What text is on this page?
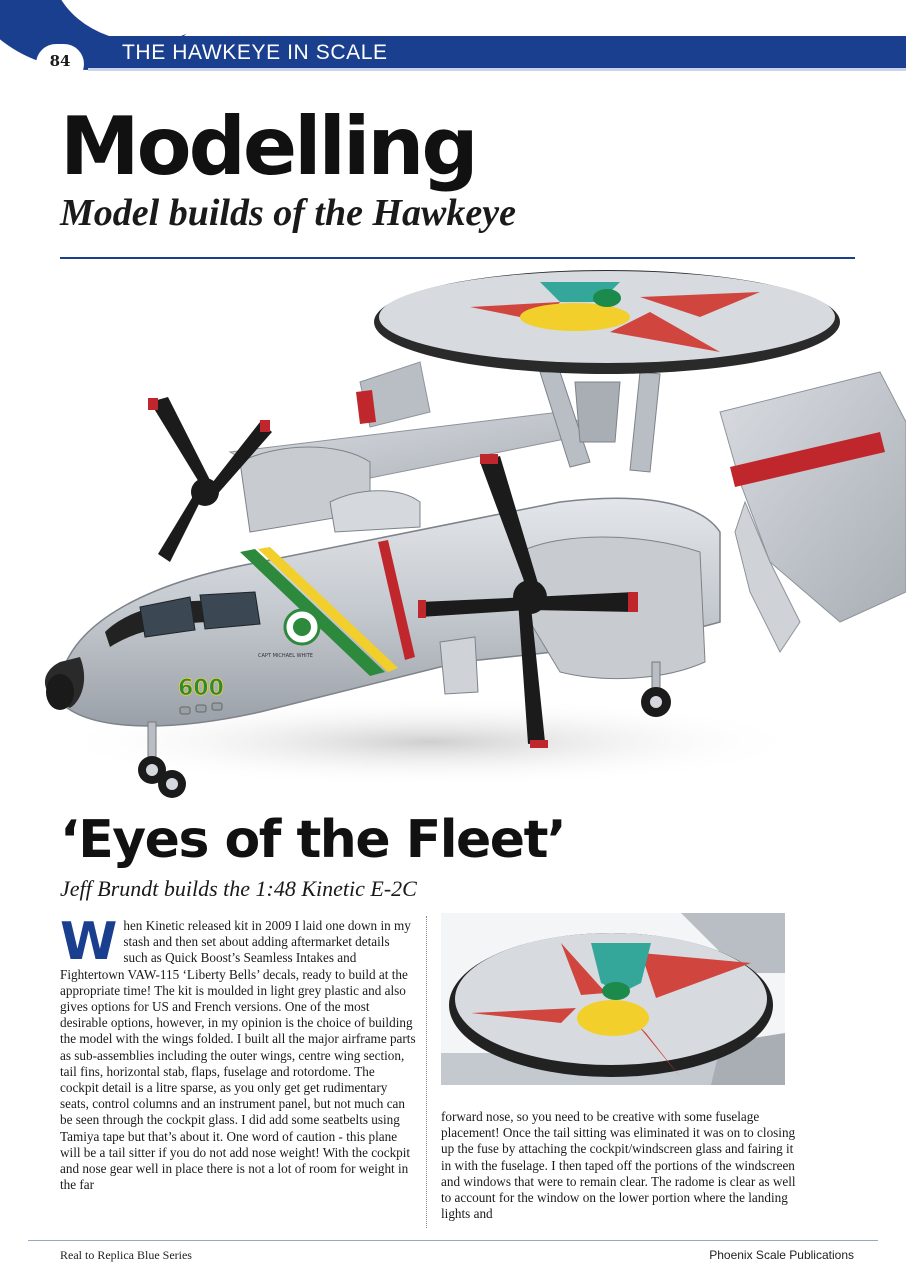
THE HAWKEYE IN SCALE
84
Modelling
Model builds of the Hawkeye
600
CAPT MICHAEL WHITE
‘Eyes of the Fleet’

Jeff Brundt builds the 1:48 Kinetic E-2C

W hen Kinetic released kit in 2009 I laid one down in my stash and then set about adding aftermarket details such as Quick Boost’s Seamless Intakes and Fightertown VAW-115 ‘Liberty Bells’ decals, ready to build at the appropriate time! The kit is moulded in light grey plastic and also gives options for US and French versions. One of the most desirable options, however, in my opinion is the choice of building the model with the wings folded. I built all the major airframe parts as sub-assemblies including the outer wings, centre wing section, tail fins, horizontal stab, flaps, fuselage and rotordome. The cockpit detail is a litre sparse, as you only get get rudimentary seats, control columns and an instrument panel, but not much can be seen through the cockpit glass. I did add some seatbelts using Tamiya tape but that’s about it. One word of caution - this plane will be a tail sitter if you do not add nose weight! With the cockpit and nose gear well in place there is not a lot of room for weight in the far

forward nose, so you need to be creative with some fuselage placement! Once the tail sitting was eliminated it was on to closing up the fuse by attaching the cockpit/windscreen glass and fairing it in with the fuselage. I then taped off the portions of the windscreen and windows that were to remain clear. The radome is clear as well to account for the window on the lower portion where the landing lights and

Real to Replica Blue Series	Phoenix Scale Publications
